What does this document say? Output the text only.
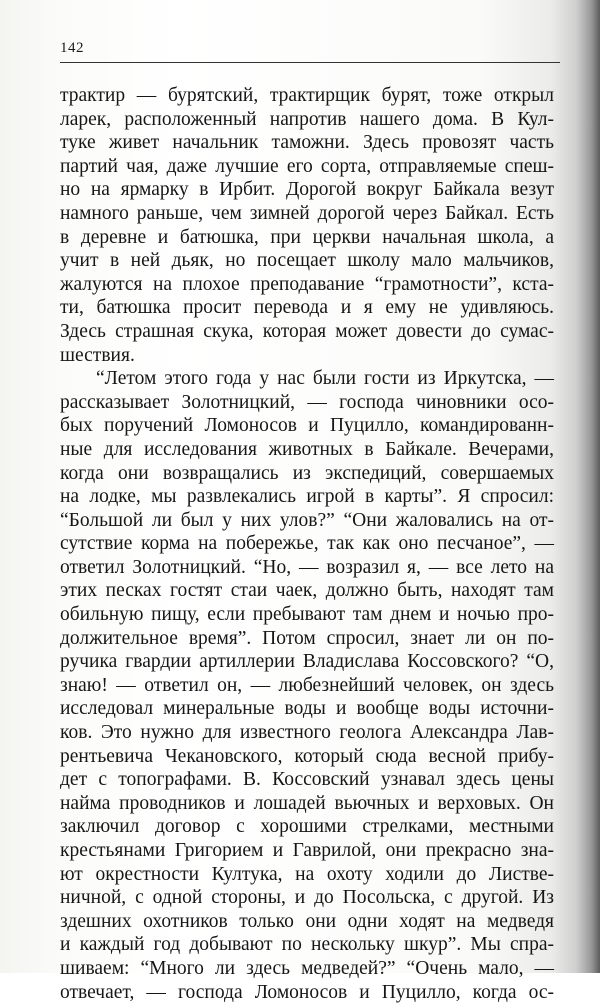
142
трактир — бурятский, трактирщик бурят, тоже открыл
ларек, расположенный напротив нашего дома. В Кул-
туке живет начальник таможни. Здесь провозят часть
партий чая, даже лучшие его сорта, отправляемые спеш-
но на ярмарку в Ирбит. Дорогой вокруг Байкала везут
намного раньше, чем зимней дорогой через Байкал. Есть
в деревне и батюшка, при церкви начальная школа, а
учит в ней дьяк, но посещает школу мало мальчиков,
жалуются на плохое преподавание “грамотности”, кста-
ти, батюшка просит перевода и я ему не удивляюсь.
Здесь страшная скука, которая может довести до сумас-
шествия.
“Летом этого года у нас были гости из Иркутска, —
рассказывает Золотницкий, — господа чиновники осо-
бых поручений Ломоносов и Пуцилло, командированн-
ные для исследования животных в Байкале. Вечерами,
когда они возвращались из экспедиций, совершаемых
на лодке, мы развлекались игрой в карты”. Я спросил:
“Большой ли был у них улов?” “Они жаловались на от-
сутствие корма на побережье, так как оно песчаное”, —
ответил Золотницкий. “Но, — возразил я, — все лето на
этих песках гостят стаи чаек, должно быть, находят там
обильную пищу, если пребывают там днем и ночью про-
должительное время”. Потом спросил, знает ли он по-
ручика гвардии артиллерии Владислава Коссовского? “О,
знаю! — ответил он, — любезнейший человек, он здесь
исследовал минеральные воды и вообще воды источни-
ков. Это нужно для известного геолога Александра Лав-
рентьевича Чекановского, который сюда весной прибу-
дет с топографами. В. Коссовский узнавал здесь цены
найма проводников и лошадей вьючных и верховых. Он
заключил договор с хорошими стрелками, местными
крестьянами Григорием и Гаврилой, они прекрасно зна-
ют окрестности Култука, на охоту ходили до Листве-
ничной, с одной стороны, и до Посольска, с другой. Из
здешних охотников только они одни ходят на медведя
и каждый год добывают по нескольку шкур”. Мы спра-
шиваем: “Много ли здесь медведей?” “Очень мало, —
отвечает, — господа Ломоносов и Пуцилло, когда ос-
